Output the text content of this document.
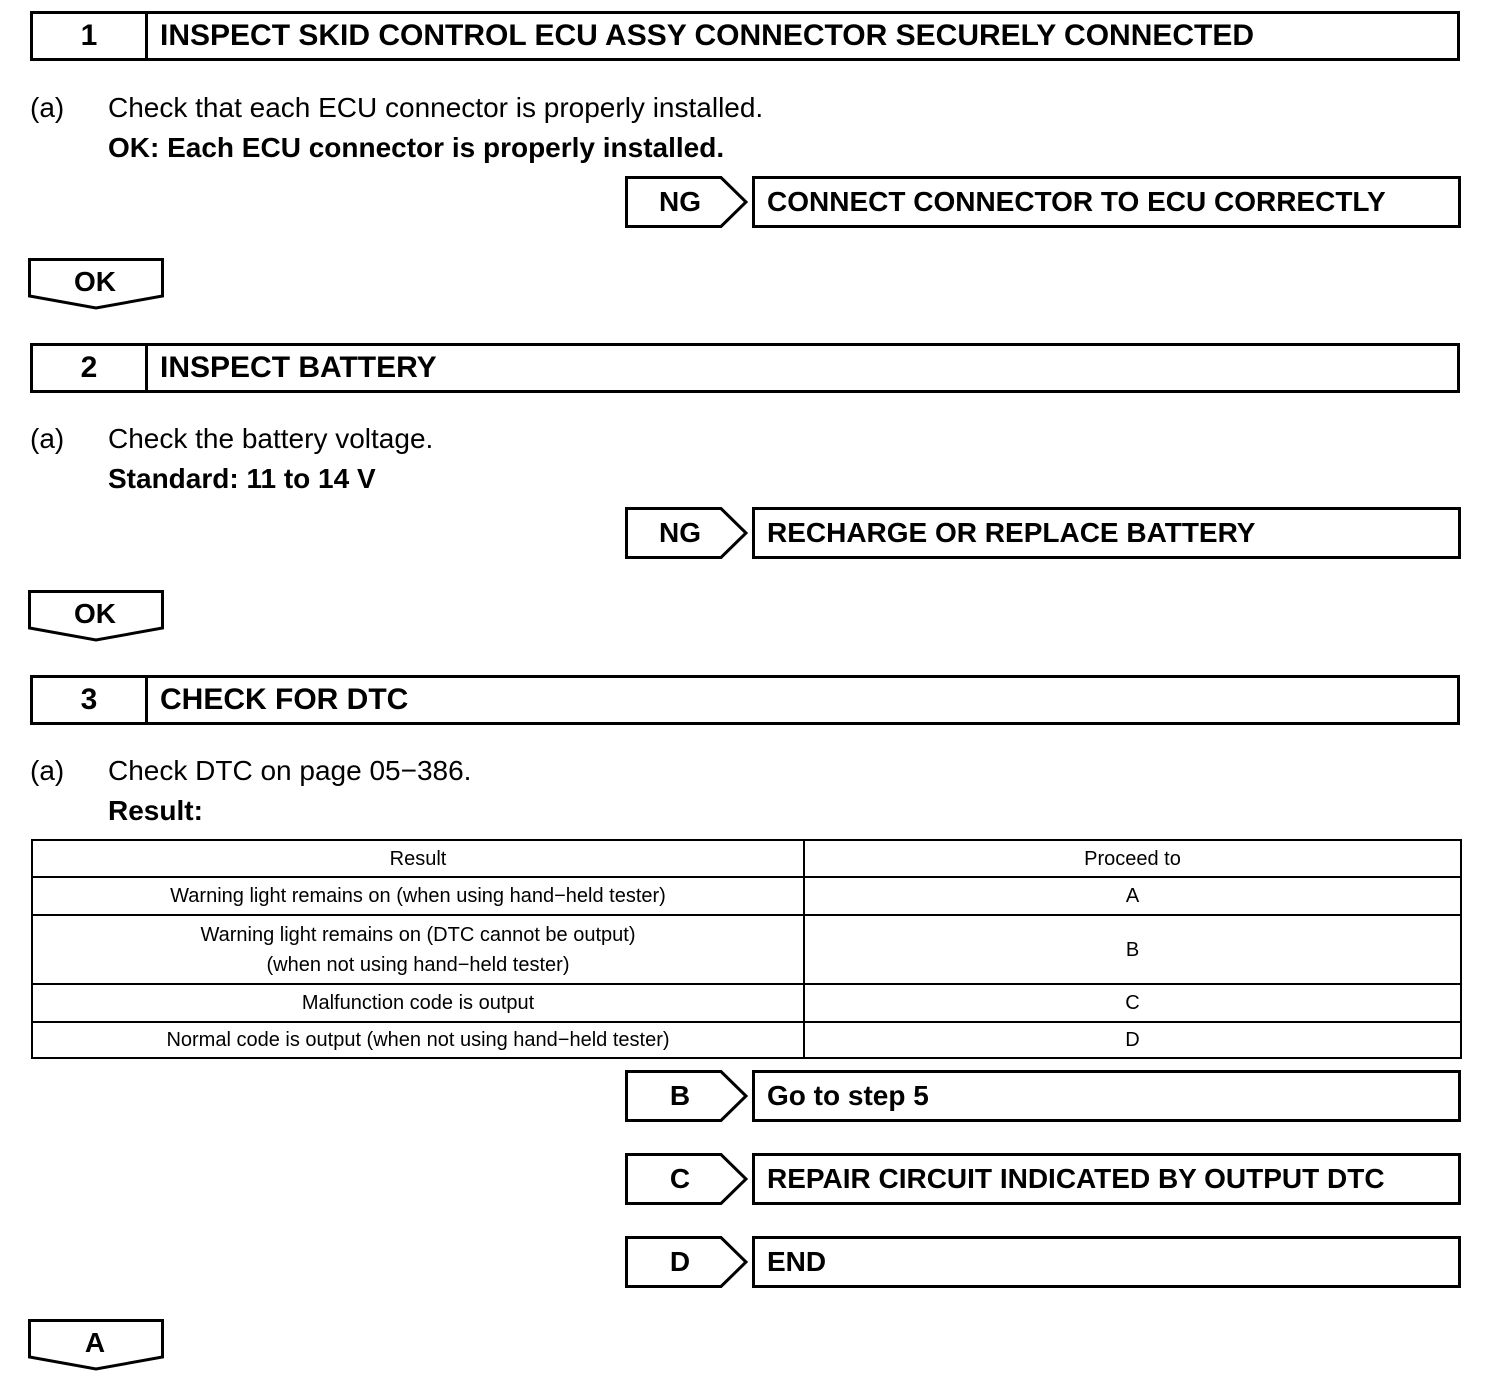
1	INSPECT SKID CONTROL ECU ASSY CONNECTOR SECURELY CONNECTED
(a) Check that each ECU connector is properly installed.
OK: Each ECU connector is properly installed.
NG	CONNECT CONNECTOR TO ECU CORRECTLY
OK
2	INSPECT BATTERY
(a) Check the battery voltage.
Standard: 11 to 14 V
NG	RECHARGE OR REPLACE BATTERY
OK
3	CHECK FOR DTC
(a) Check DTC on page 05−386.
Result:
Result	Proceed to
Warning light remains on (when using hand−held tester)	A

Warning light remains on (DTC cannot be output)
(when not using hand−held tester)	B
Malfunction code is output	C
Normal code is output (when not using hand−held tester)	D
B	Go to step 5
C	REPAIR CIRCUIT INDICATED BY OUTPUT DTC
D	END
A
